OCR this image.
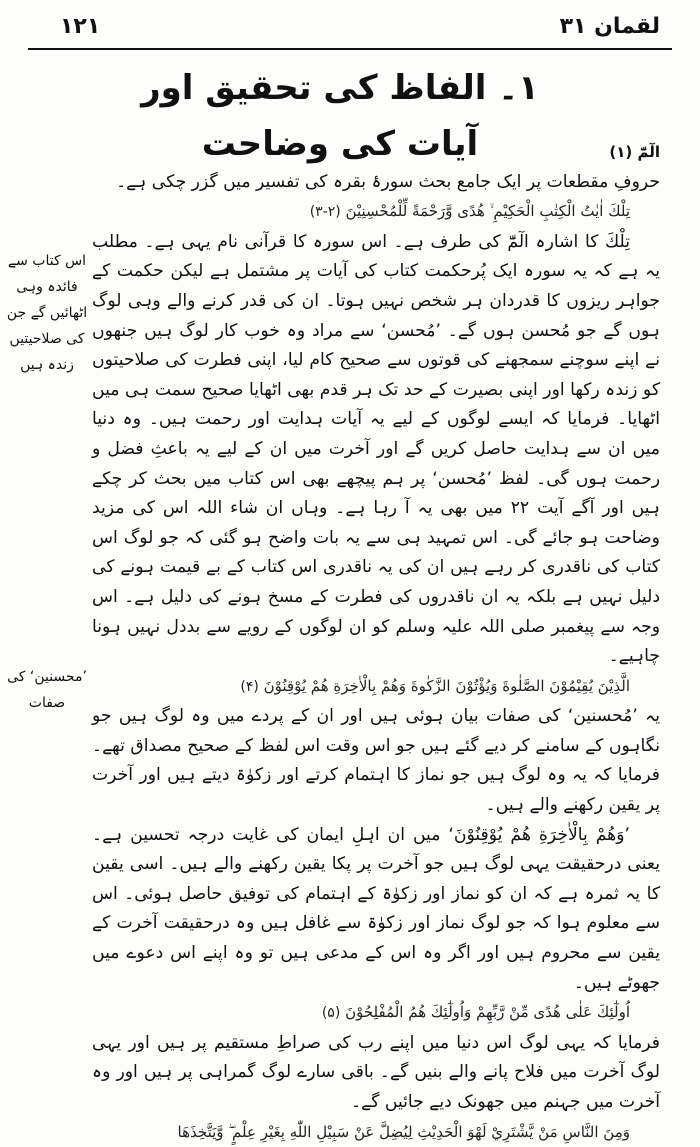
۱۲۱	لقمان ۳۱
۱۔ الفاظ کی تحقیق اور آیات کی وضاحت
اس کتاب سے فائدہ وہی اٹھائیں گے جن کی صلاحیتیں زندہ ہیں
’محسنین‘ کی صفات

الٓمّٓ (۱)

حروفِ مقطعات پر ایک جامع بحث سورۂ بقرہ کی تفسیر میں گزر چکی ہے۔

تِلْكَ اٰيٰتُ الْكِتٰبِ الْحَكِيْمِ ۙ هُدًى وَّرَحْمَةً لِّلْمُحْسِنِيْنَ (۲-۳)

تِلْكَ کا اشارہ الٓمّٓ کی طرف ہے۔ اس سورہ کا قرآنی نام یہی ہے۔ مطلب یہ ہے کہ یہ سورہ ایک پُرحکمت کتاب کی آیات پر مشتمل ہے لیکن حکمت کے جواہر ریزوں کا قدردان ہر شخص نہیں ہوتا۔ ان کی قدر کرنے والے وہی لوگ ہوں گے جو مُحسن ہوں گے۔ ’مُحسن‘ سے مراد وہ خوب کار لوگ ہیں جنھوں نے اپنے سوچنے سمجھنے کی قوتوں سے صحیح کام لیا، اپنی فطرت کی صلاحیتوں کو زندہ رکھا اور اپنی بصیرت کے حد تک ہر قدم بھی اٹھایا صحیح سمت ہی میں اٹھایا۔ فرمایا کہ ایسے لوگوں کے لیے یہ آیات ہدایت اور رحمت ہیں۔ وہ دنیا میں ان سے ہدایت حاصل کریں گے اور آخرت میں ان کے لیے یہ باعثِ فضل و رحمت ہوں گی۔ لفظ ’مُحسن‘ پر ہم پیچھے بھی اس کتاب میں بحث کر چکے ہیں اور آگے آیت ۲۲ میں بھی یہ آ رہا ہے۔ وہاں ان شاء اللہ اس کی مزید وضاحت ہو جائے گی۔ اس تمہید ہی سے یہ بات واضح ہو گئی کہ جو لوگ اس کتاب کی ناقدری کر رہے ہیں ان کی یہ ناقدری اس کتاب کے بے قیمت ہونے کی دلیل نہیں ہے بلکہ یہ ان ناقدروں کی فطرت کے مسخ ہونے کی دلیل ہے۔ اس وجہ سے پیغمبر صلی اللہ علیہ وسلم کو ان لوگوں کے رویے سے بددل نہیں ہونا چاہیے۔

الَّذِيْنَ يُقِيْمُوْنَ الصَّلٰوةَ وَيُؤْتُوْنَ الزَّكٰوةَ وَهُمْ بِالْاٰخِرَةِ هُمْ يُوْقِنُوْنَ (۴)

یہ ’مُحسنین‘ کی صفات بیان ہوئی ہیں اور ان کے پردے میں وہ لوگ ہیں جو نگاہوں کے سامنے کر دیے گئے ہیں جو اس وقت اس لفظ کے صحیح مصداق تھے۔ فرمایا کہ یہ وہ لوگ ہیں جو نماز کا اہتمام کرتے اور زکوٰۃ دیتے ہیں اور آخرت پر یقین رکھنے والے ہیں۔

’وَهُمْ بِالْاٰخِرَةِ هُمْ يُوْقِنُوْنَ‘ میں ان اہلِ ایمان کی غایت درجہ تحسین ہے۔ یعنی درحقیقت یہی لوگ ہیں جو آخرت پر پکا یقین رکھنے والے ہیں۔ اسی یقین کا یہ ثمرہ ہے کہ ان کو نماز اور زکوٰۃ کے اہتمام کی توفیق حاصل ہوئی۔ اس سے معلوم ہوا کہ جو لوگ نماز اور زکوٰۃ سے غافل ہیں وہ درحقیقت آخرت کے یقین سے محروم ہیں اور اگر وہ اس کے مدعی ہیں تو وہ اپنے اس دعوے میں جھوٹے ہیں۔

اُولٰٓئِكَ عَلٰى هُدًى مِّنْ رَّبِّهِمْ وَاُولٰٓئِكَ هُمُ الْمُفْلِحُوْنَ (۵)

فرمایا کہ یہی لوگ اس دنیا میں اپنے رب کی صراطِ مستقیم پر ہیں اور یہی لوگ آخرت میں فلاح پانے والے بنیں گے۔ باقی سارے لوگ گمراہی پر ہیں اور وہ آخرت میں جہنم میں جھونک دیے جائیں گے۔

وَمِنَ النَّاسِ مَنْ يَّشْتَرِيْ لَهْوَ الْحَدِيْثِ لِيُضِلَّ عَنْ سَبِيْلِ اللّٰهِ بِغَيْرِ عِلْمٍ ۖ وَّيَتَّخِذَهَا
